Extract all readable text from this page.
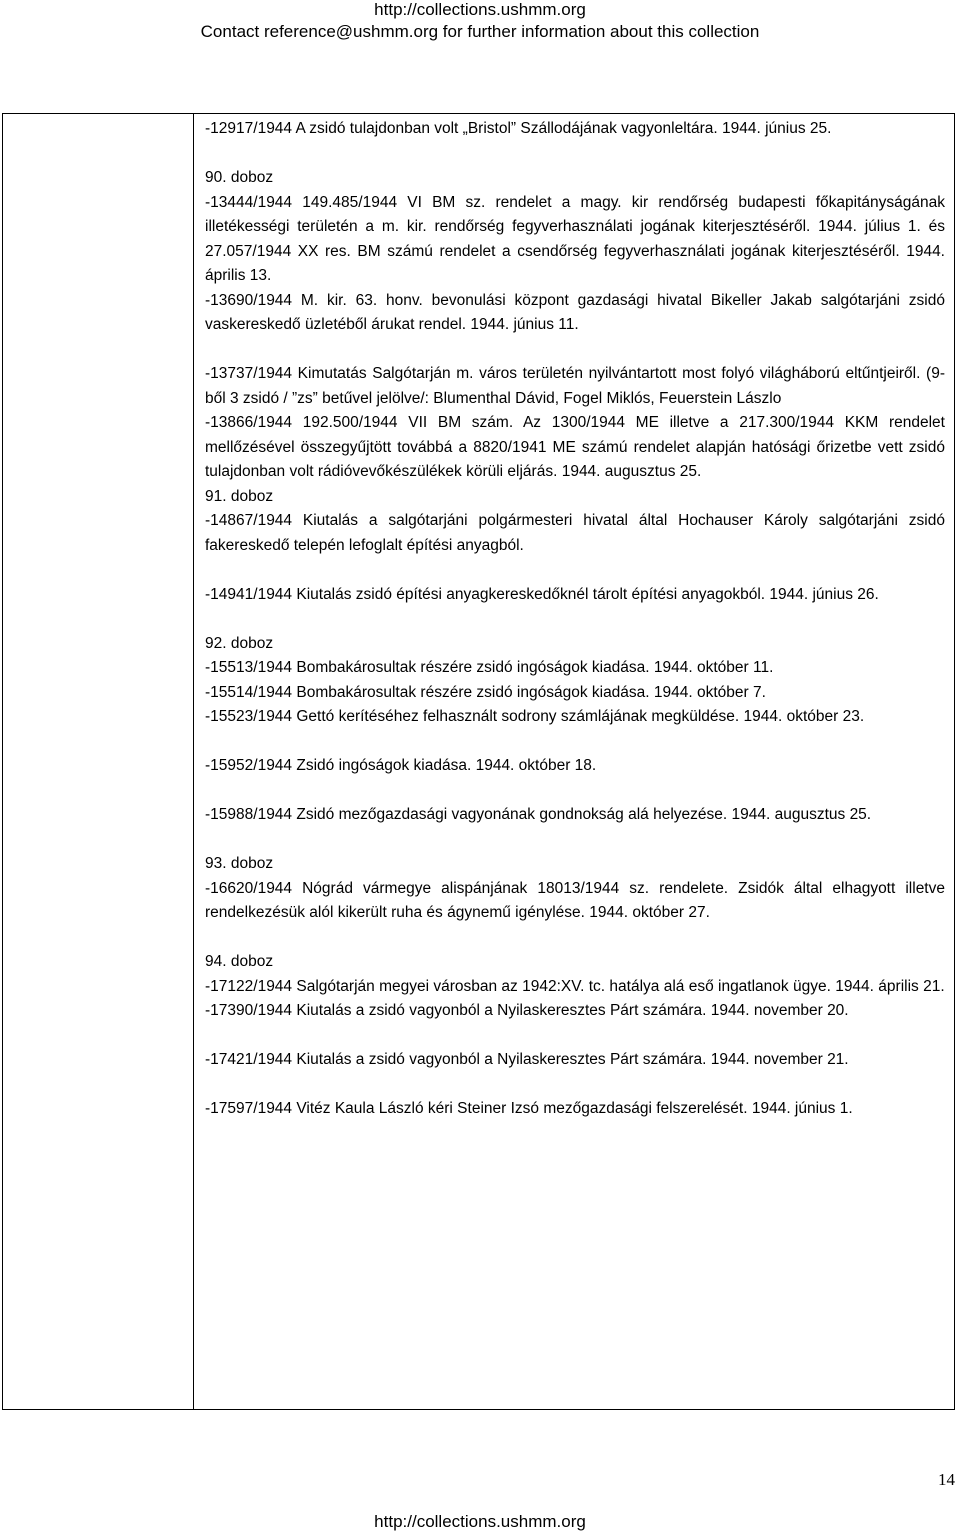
http://collections.ushmm.org
Contact reference@ushmm.org for further information about this collection

-12917/1944 A zsidó tulajdonban volt „Bristol” Szállodájának vagyonleltára. 1944. június 25.

90. doboz

-13444/1944 149.485/1944 VI BM sz. rendelet a magy. kir rendőrség budapesti főkapitányságának illetékességi területén a m. kir. rendőrség fegyverhasználati jogának kiterjesztéséről. 1944. július 1. és 27.057/1944 XX res. BM számú rendelet a csendőrség fegyverhasználati jogának kiterjesztéséről. 1944. április 13.

-13690/1944 M. kir. 63. honv. bevonulási központ gazdasági hivatal Bikeller Jakab salgótarjáni zsidó vaskereskedő üzletéből árukat rendel. 1944. június 11.

-13737/1944 Kimutatás Salgótarján m. város területén nyilvántartott most folyó világháború eltűntjeiről. (9-ből 3 zsidó / ”zs” betűvel jelölve/: Blumenthal Dávid, Fogel Miklós, Feuerstein Lászlo

-13866/1944 192.500/1944 VII BM szám. Az 1300/1944 ME illetve a 217.300/1944 KKM rendelet mellőzésével összegyűjtött továbbá a 8820/1941 ME számú rendelet alapján hatósági őrizetbe vett zsidó tulajdonban volt rádióvevőkészülékek körüli eljárás. 1944. augusztus 25.

91. doboz

-14867/1944 Kiutalás a salgótarjáni polgármesteri hivatal által Hochauser Károly salgótarjáni zsidó fakereskedő telepén lefoglalt építési anyagból.

-14941/1944 Kiutalás zsidó építési anyagkereskedőknél tárolt építési anyagokból. 1944. június 26.

92. doboz

-15513/1944 Bombakárosultak részére zsidó ingóságok kiadása. 1944. október 11.

-15514/1944 Bombakárosultak részére zsidó ingóságok kiadása. 1944. október 7.

-15523/1944 Gettó kerítéséhez felhasznált sodrony számlájának megküldése. 1944. október 23.

-15952/1944 Zsidó ingóságok kiadása. 1944. október 18.

-15988/1944 Zsidó mezőgazdasági vagyonának gondnokság alá helyezése. 1944. augusztus 25.

93. doboz

-16620/1944 Nógrád vármegye alispánjának 18013/1944 sz. rendelete. Zsidók által elhagyott illetve rendelkezésük alól kikerült ruha és ágynemű igénylése. 1944. október 27.

94. doboz

-17122/1944 Salgótarján megyei városban az 1942:XV. tc. hatálya alá eső ingatlanok ügye. 1944. április 21.

-17390/1944 Kiutalás a zsidó vagyonból a Nyilaskeresztes Párt számára. 1944. november 20.

-17421/1944 Kiutalás a zsidó vagyonból a Nyilaskeresztes Párt számára. 1944. november 21.

-17597/1944 Vitéz Kaula László kéri Steiner Izsó mezőgazdasági felszerelését. 1944. június 1.

14
http://collections.ushmm.org
